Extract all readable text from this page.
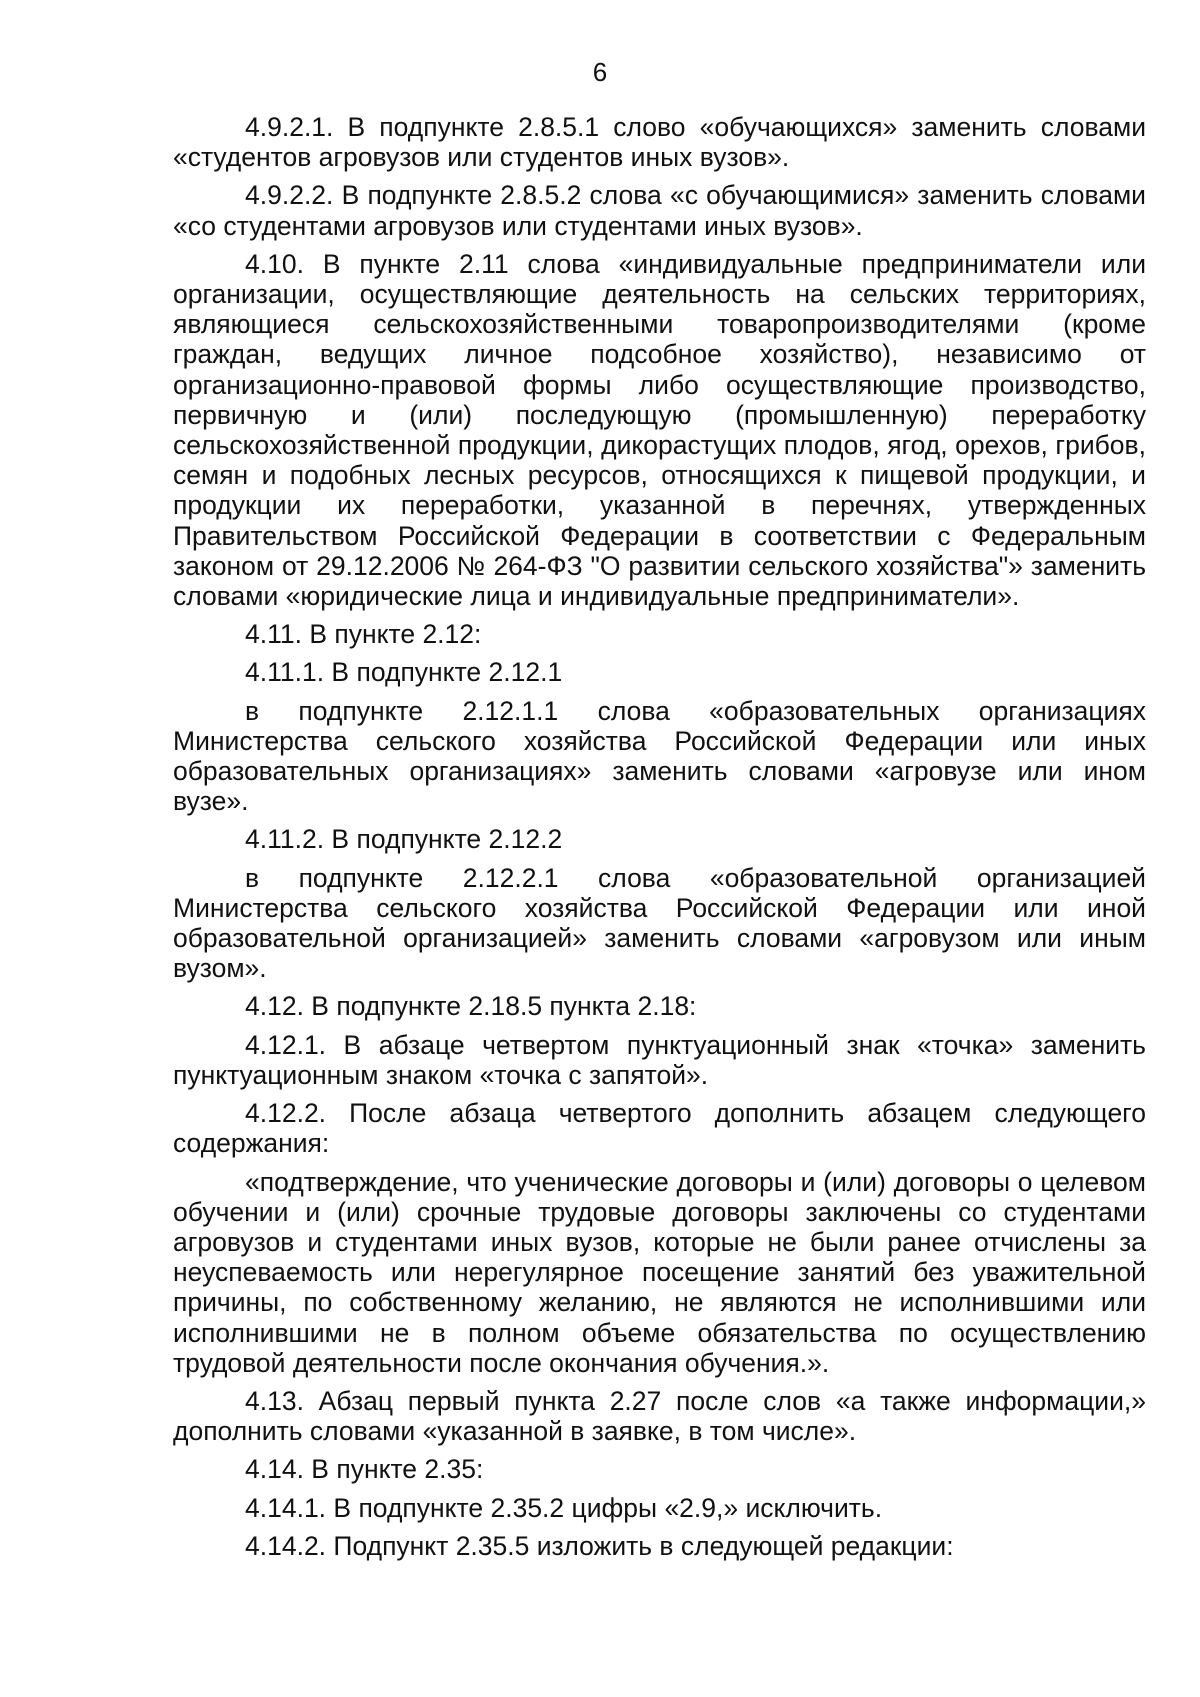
6

4.9.2.1. В подпункте 2.8.5.1 слово «обучающихся» заменить словами «студентов агровузов или студентов иных вузов».

4.9.2.2. В подпункте 2.8.5.2 слова «с обучающимися» заменить словами «со студентами агровузов или студентами иных вузов».

4.10. В пункте 2.11 слова «индивидуальные предприниматели или организации, осуществляющие деятельность на сельских территориях, являющиеся сельскохозяйственными товаропроизводителями (кроме граждан, ведущих личное подсобное хозяйство), независимо от организационно-правовой формы либо осуществляющие производство, первичную и (или) последующую (промышленную) переработку сельскохозяйственной продукции, дикорастущих плодов, ягод, орехов, грибов, семян и подобных лесных ресурсов, относящихся к пищевой продукции, и продукции их переработки, указанной в перечнях, утвержденных Правительством Российской Федерации в соответствии с Федеральным законом от 29.12.2006 № 264-ФЗ "О развитии сельского хозяйства"» заменить словами «юридические лица и индивидуальные предприниматели».

4.11. В пункте 2.12:

4.11.1. В подпункте 2.12.1

в подпункте 2.12.1.1 слова «образовательных организациях Министерства сельского хозяйства Российской Федерации или иных образовательных организациях» заменить словами «агровузе или ином вузе».

4.11.2. В подпункте 2.12.2

в подпункте 2.12.2.1 слова «образовательной организацией Министерства сельского хозяйства Российской Федерации или иной образовательной организацией» заменить словами «агровузом или иным вузом».

4.12. В подпункте 2.18.5 пункта 2.18:

4.12.1. В абзаце четвертом пунктуационный знак «точка» заменить пунктуационным знаком «точка с запятой».

4.12.2. После абзаца четвертого дополнить абзацем следующего содержания:

«подтверждение, что ученические договоры и (или) договоры о целевом обучении и (или) срочные трудовые договоры заключены со студентами агровузов и студентами иных вузов, которые не были ранее отчислены за неуспеваемость или нерегулярное посещение занятий без уважительной причины, по собственному желанию, не являются не исполнившими или исполнившими не в полном объеме обязательства по осуществлению трудовой деятельности после окончания обучения.».

4.13. Абзац первый пункта 2.27 после слов «а также информации,» дополнить словами «указанной в заявке, в том числе».

4.14. В пункте 2.35:

4.14.1. В подпункте 2.35.2 цифры «2.9,» исключить.

4.14.2. Подпункт 2.35.5 изложить в следующей редакции:
